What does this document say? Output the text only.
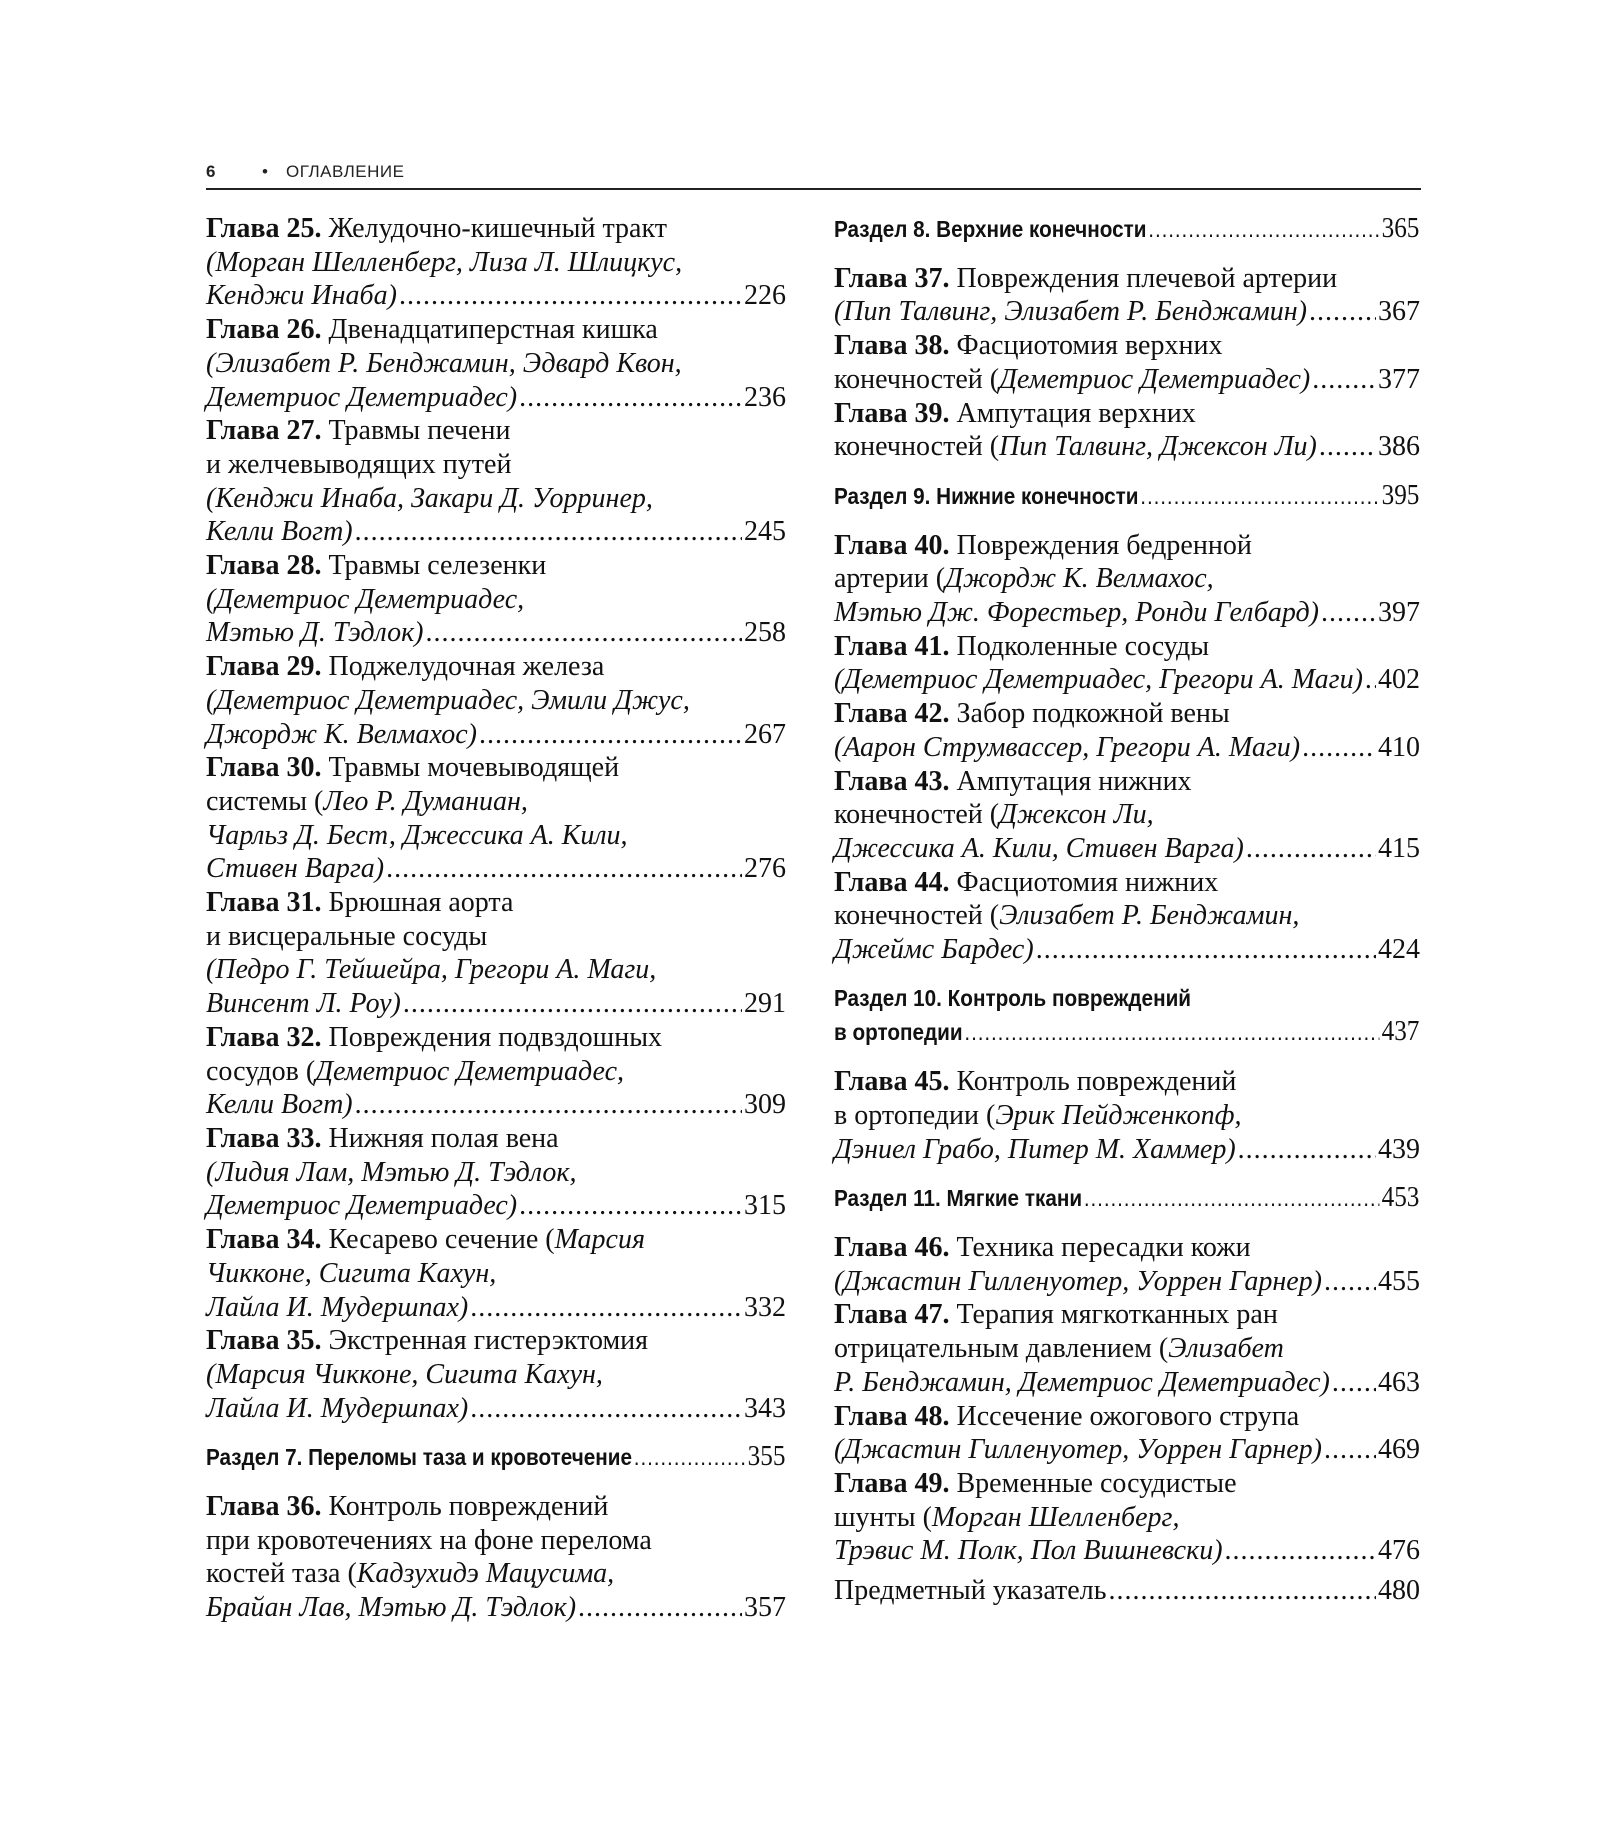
6	• ОГЛАВЛЕНИЕ
Глава 25. Желудочно-кишечный тракт
(Морган Шелленберг, Лиза Л. Шлицкус,
Кенджи Инаба) .....	226
Глава 26. Двенадцатиперстная кишка
(Элизабет Р. Бенджамин, Эдвард Квон,
Деметриос Деметриадес) .....	236
Глава 27. Травмы печени
и желчевыводящих путей
(Кенджи Инаба, Закари Д. Уорринер,
Келли Вогт) .....	245
Глава 28. Травмы селезенки
(Деметриос Деметриадес,
Мэтью Д. Тэдлок) .....	258
Глава 29. Поджелудочная железа
(Деметриос Деметриадес, Эмили Джус,
Джордж К. Велмахос) .....	267
Глава 30. Травмы мочевыводящей
системы (Лео Р. Думаниан,
Чарльз Д. Бест, Джессика А. Кили,
Стивен Варга) .....	276
Глава 31. Брюшная аорта
и висцеральные сосуды
(Педро Г. Тейшейра, Грегори А. Маги,
Винсент Л. Роу) .....	291
Глава 32. Повреждения подвздошных
сосудов (Деметриос Деметриадес,
Келли Вогт) .....	309
Глава 33. Нижняя полая вена
(Лидия Лам, Мэтью Д. Тэдлок,
Деметриос Деметриадес) .....	315
Глава 34. Кесарево сечение (Марсия
Чикконе, Сигита Кахун,
Лайла И. Мудершпах) .....	332
Глава 35. Экстренная гистерэктомия
(Марсия Чикконе, Сигита Кахун,
Лайла И. Мудершпах) .....	343
Раздел 7. Переломы таза и кровотечение .....	355
Глава 36. Контроль повреждений
при кровотечениях на фоне перелома
костей таза (Кадзухидэ Мацусима,
Брайан Лав, Мэтью Д. Тэдлок) .....	357
Раздел 8. Верхние конечности .....	365
Глава 37. Повреждения плечевой артерии
(Пип Талвинг, Элизабет Р. Бенджамин) .....	367
Глава 38. Фасциотомия верхних
конечностей (Деметриос Деметриадес) ..... 377
Глава 39. Ампутация верхних
конечностей (Пип Талвинг, Джексон Ли) ..... 386
Раздел 9. Нижние конечности .....	395
Глава 40. Повреждения бедренной
артерии (Джордж К. Велмахос,
Мэтью Дж. Форестьер, Ронди Гелбард) ..... 397
Глава 41. Подколенные сосуды
(Деметриос Деметриадес, Грегори А. Маги) ..... 402
Глава 42. Забор подкожной вены
(Аарон Струмвассер, Грегори А. Маги) .....	410
Глава 43. Ампутация нижних
конечностей (Джексон Ли,
Джессика А. Кили, Стивен Варга) .....	415
Глава 44. Фасциотомия нижних
конечностей (Элизабет Р. Бенджамин,
Джеймс Бардес) .....	424
Раздел 10. Контроль повреждений
в ортопедии .....	437
Глава 45. Контроль повреждений
в ортопедии (Эрик Пейдженкопф,
Дэниел Грабо, Питер М. Хаммер) .....	439
Раздел 11. Мягкие ткани .....	453
Глава 46. Техника пересадки кожи
(Джастин Гилленуотер, Уоррен Гарнер) ..... 455
Глава 47. Терапия мягкотканных ран
отрицательным давлением (Элизабет
Р. Бенджамин, Деметриос Деметриадес) ..... 463
Глава 48. Иссечение ожогового струпа
(Джастин Гилленуотер, Уоррен Гарнер) ..... 469
Глава 49. Временные сосудистые
шунты (Морган Шелленберг,
Трэвис М. Полк, Пол Вишневски) .....	476
Предметный указатель .....	480
